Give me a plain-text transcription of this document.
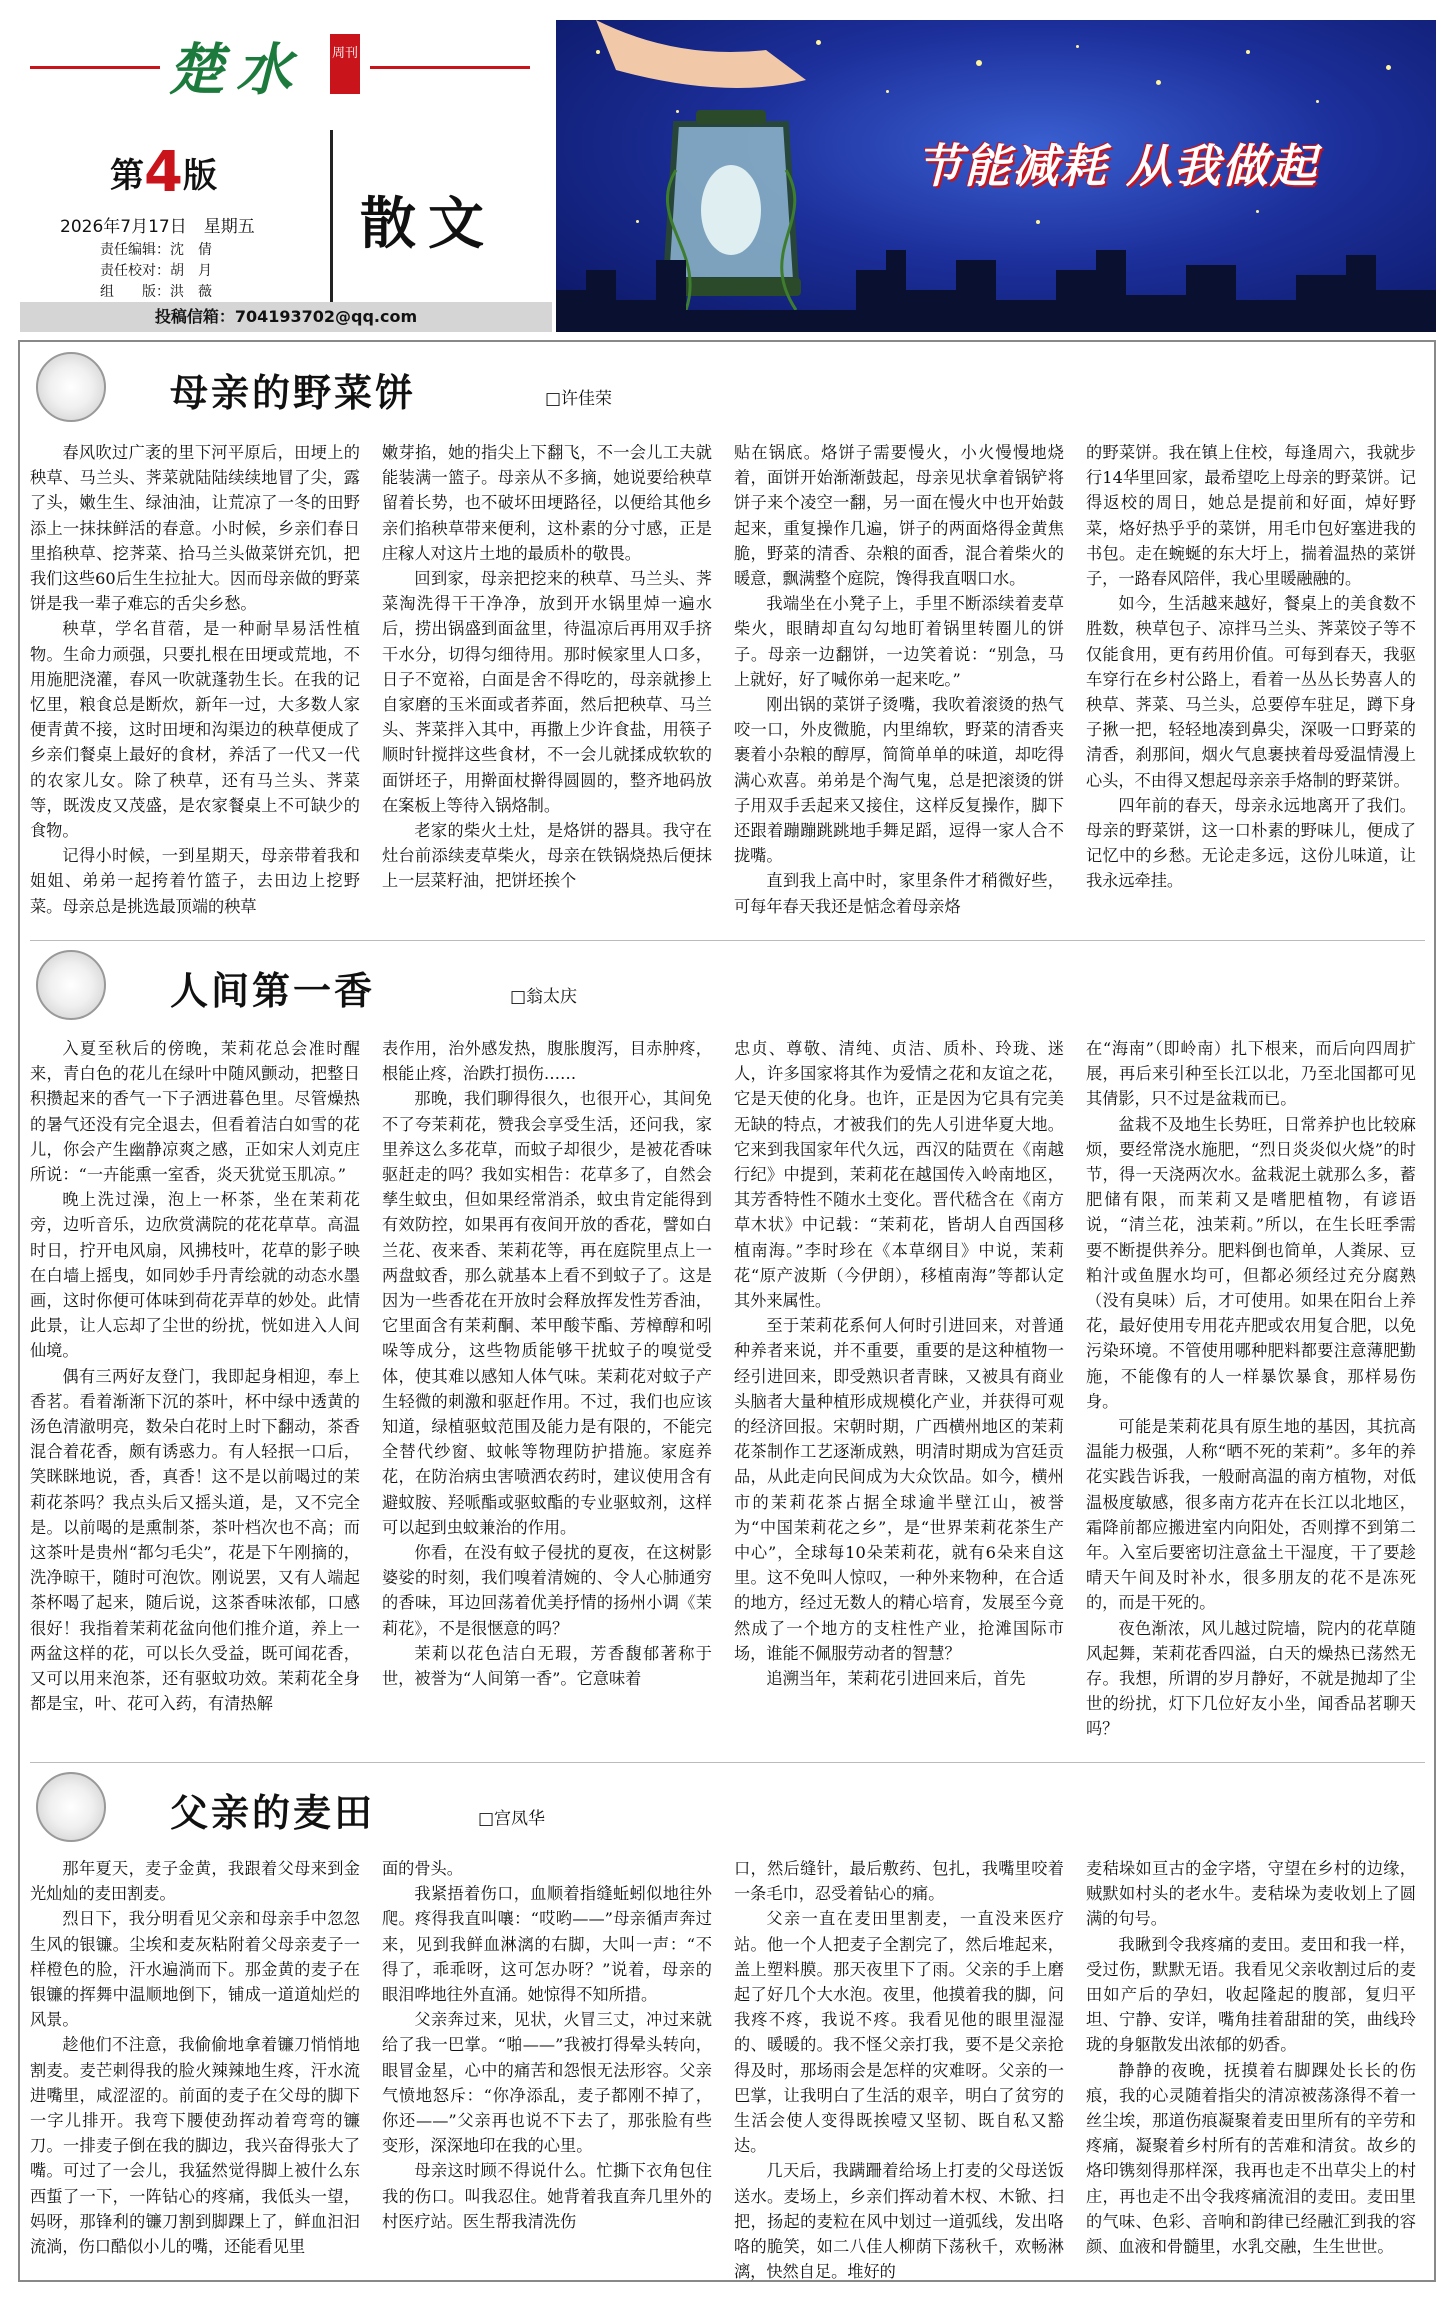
楚水 周刊
第4版
2026年7月17日　星期五
责任编辑：沈　倩
责任校对：胡　月
组　　版：洪　薇
散文
投稿信箱：704193702@qq.com
节能减耗 从我做起
母亲的野菜饼	□许佳荣

春风吹过广袤的里下河平原后，田埂上的秧草、马兰头、荠菜就陆陆续续地冒了尖，露了头，嫩生生、绿油油，让荒凉了一冬的田野添上一抹抹鲜活的春意。小时候，乡亲们春日里掐秧草、挖荠菜、拾马兰头做菜饼充饥，把我们这些60后生生拉扯大。因而母亲做的野菜饼是我一辈子难忘的舌尖乡愁。

秧草，学名苜蓿，是一种耐旱易活性植物。生命力顽强，只要扎根在田埂或荒地，不用施肥浇灌，春风一吹就蓬勃生长。在我的记忆里，粮食总是断炊，新年一过，大多数人家便青黄不接，这时田埂和沟渠边的秧草便成了乡亲们餐桌上最好的食材，养活了一代又一代的农家儿女。除了秧草，还有马兰头、荠菜等，既泼皮又茂盛，是农家餐桌上不可缺少的食物。

记得小时候，一到星期天，母亲带着我和姐姐、弟弟一起挎着竹篮子，去田边上挖野菜。母亲总是挑选最顶端的秧草

嫩芽掐，她的指尖上下翻飞，不一会儿工夫就能装满一篮子。母亲从不多摘，她说要给秧草留着长势，也不破坏田埂路径，以便给其他乡亲们掐秧草带来便利，这朴素的分寸感，正是庄稼人对这片土地的最质朴的敬畏。

回到家，母亲把挖来的秧草、马兰头、荠菜淘洗得干干净净，放到开水锅里焯一遍水后，捞出锅盛到面盆里，待温凉后再用双手挤干水分，切得匀细待用。那时候家里人口多，日子不宽裕，白面是舍不得吃的，母亲就掺上自家磨的玉米面或者荞面，然后把秧草、马兰头、荠菜拌入其中，再撒上少许食盐，用筷子顺时针搅拌这些食材，不一会儿就揉成软软的面饼坯子，用擀面杖擀得圆圆的，整齐地码放在案板上等待入锅烙制。

老家的柴火土灶，是烙饼的器具。我守在灶台前添续麦草柴火，母亲在铁锅烧热后便抹上一层菜籽油，把饼坯挨个

贴在锅底。烙饼子需要慢火，小火慢慢地烧着，面饼开始渐渐鼓起，母亲见状拿着锅铲将饼子来个凌空一翻，另一面在慢火中也开始鼓起来，重复操作几遍，饼子的两面烙得金黄焦脆，野菜的清香、杂粮的面香，混合着柴火的暖意，飘满整个庭院，馋得我直咽口水。

我端坐在小凳子上，手里不断添续着麦草柴火，眼睛却直勾勾地盯着锅里转圈儿的饼子。母亲一边翻饼，一边笑着说：“别急，马上就好，好了喊你弟一起来吃。”

刚出锅的菜饼子烫嘴，我吹着滚烫的热气咬一口，外皮微脆，内里绵软，野菜的清香夹裹着小杂粮的醇厚，简简单单的味道，却吃得满心欢喜。弟弟是个淘气鬼，总是把滚烫的饼子用双手丢起来又接住，这样反复操作，脚下还跟着蹦蹦跳跳地手舞足蹈，逗得一家人合不拢嘴。

直到我上高中时，家里条件才稍微好些，可每年春天我还是惦念着母亲烙

的野菜饼。我在镇上住校，每逢周六，我就步行14华里回家，最希望吃上母亲的野菜饼。记得返校的周日，她总是提前和好面，焯好野菜，烙好热乎乎的菜饼，用毛巾包好塞进我的书包。走在蜿蜒的东大圩上，揣着温热的菜饼子，一路春风陪伴，我心里暖融融的。

如今，生活越来越好，餐桌上的美食数不胜数，秧草包子、凉拌马兰头、荠菜饺子等不仅能食用，更有药用价值。可每到春天，我驱车穿行在乡村公路上，看着一丛丛长势喜人的秧草、荠菜、马兰头，总要停车驻足，蹲下身子揪一把，轻轻地凑到鼻尖，深吸一口野菜的清香，刹那间，烟火气息裹挟着母爱温情漫上心头，不由得又想起母亲亲手烙制的野菜饼。

四年前的春天，母亲永远地离开了我们。母亲的野菜饼，这一口朴素的野味儿，便成了记忆中的乡愁。无论走多远，这份儿味道，让我永远牵挂。

人间第一香	□翁太庆

入夏至秋后的傍晚，茉莉花总会准时醒来，青白色的花儿在绿叶中随风颤动，把整日积攒起来的香气一下子洒进暮色里。尽管燥热的暑气还没有完全退去，但看着洁白如雪的花儿，你会产生幽静凉爽之感，正如宋人刘克庄所说：“一卉能熏一室香，炎天犹觉玉肌凉。”

晚上洗过澡，泡上一杯茶，坐在茉莉花旁，边听音乐，边欣赏满院的花花草草。高温时日，拧开电风扇，风拂枝叶，花草的影子映在白墙上摇曳，如同妙手丹青绘就的动态水墨画，这时你便可体味到荷花弄草的妙处。此情此景，让人忘却了尘世的纷扰，恍如进入人间仙境。

偶有三两好友登门，我即起身相迎，奉上香茗。看着渐渐下沉的茶叶，杯中绿中透黄的汤色清澈明亮，数朵白花时上时下翻动，茶香混合着花香，颇有诱惑力。有人轻抿一口后，笑眯眯地说，香，真香！这不是以前喝过的茉莉花茶吗？我点头后又摇头道，是，又不完全是。以前喝的是熏制茶，茶叶档次也不高；而这茶叶是贵州“都匀毛尖”，花是下午刚摘的，洗净晾干，随时可泡饮。刚说罢，又有人端起茶杯喝了起来，随后说，这茶香味浓郁，口感很好！我指着茉莉花盆向他们推介道，养上一两盆这样的花，可以长久受益，既可闻花香，又可以用来泡茶，还有驱蚊功效。茉莉花全身都是宝，叶、花可入药，有清热解

表作用，治外感发热，腹胀腹泻，目赤肿疼，根能止疼，治跌打损伤……

那晚，我们聊得很久，也很开心，其间免不了夸茉莉花，赞我会享受生活，还问我，家里养这么多花草，而蚊子却很少，是被花香味驱赶走的吗？我如实相告：花草多了，自然会孳生蚊虫，但如果经常消杀，蚊虫肯定能得到有效防控，如果再有夜间开放的香花，譬如白兰花、夜来香、茉莉花等，再在庭院里点上一两盘蚊香，那么就基本上看不到蚊子了。这是因为一些香花在开放时会释放挥发性芳香油，它里面含有茉莉酮、苯甲酸苄酯、芳樟醇和吲哚等成分，这些物质能够干扰蚊子的嗅觉受体，使其难以感知人体气味。茉莉花对蚊子产生轻微的刺激和驱赶作用。不过，我们也应该知道，绿植驱蚊范围及能力是有限的，不能完全替代纱窗、蚊帐等物理防护措施。家庭养花，在防治病虫害喷洒农药时，建议使用含有避蚊胺、羟哌酯或驱蚊酯的专业驱蚊剂，这样可以起到虫蚊兼治的作用。

你看，在没有蚊子侵扰的夏夜，在这树影婆娑的时刻，我们嗅着清婉的、令人心肺通穷的香味，耳边回荡着优美抒情的扬州小调《茉莉花》，不是很惬意的吗？

茉莉以花色洁白无瑕，芳香馥郁著称于世，被誉为“人间第一香”。它意味着

忠贞、尊敬、清纯、贞洁、质朴、玲珑、迷人，许多国家将其作为爱情之花和友谊之花，它是天使的化身。也许，正是因为它具有完美无缺的特点，才被我们的先人引进华夏大地。它来到我国家年代久远，西汉的陆贾在《南越行纪》中提到，茉莉花在越国传入岭南地区，其芳香特性不随水土变化。晋代嵇含在《南方草木状》中记载：“茉莉花，皆胡人自西国移植南海。”李时珍在《本草纲目》中说，茉莉花“原产波斯（今伊朗），移植南海”等都认定其外来属性。

至于茉莉花系何人何时引进回来，对普通种养者来说，并不重要，重要的是这种植物一经引进回来，即受熟识者青睐，又被具有商业头脑者大量种植形成规模化产业，并获得可观的经济回报。宋朝时期，广西横州地区的茉莉花茶制作工艺逐渐成熟，明清时期成为宫廷贡品，从此走向民间成为大众饮品。如今，横州市的茉莉花茶占据全球逾半壁江山，被誉为“中国茉莉花之乡”，是“世界茉莉花茶生产中心”，全球每10朵茉莉花，就有6朵来自这里。这不免叫人惊叹，一种外来物种，在合适的地方，经过无数人的精心培育，发展至今竟然成了一个地方的支柱性产业，抢滩国际市场，谁能不佩服劳动者的智慧？

追溯当年，茉莉花引进回来后，首先

在“海南”（即岭南）扎下根来，而后向四周扩展，再后来引种至长江以北，乃至北国都可见其倩影，只不过是盆栽而已。

盆栽不及地生长势旺，日常养护也比较麻烦，要经常浇水施肥，“烈日炎炎似火烧”的时节，得一天浇两次水。盆栽泥土就那么多，蓄肥储有限，而茉莉又是嗜肥植物，有谚语说，“清兰花，浊茉莉。”所以，在生长旺季需要不断提供养分。肥料倒也简单，人粪尿、豆粕汁或鱼腥水均可，但都必须经过充分腐熟（没有臭味）后，才可使用。如果在阳台上养花，最好使用专用花卉肥或农用复合肥，以免污染环境。不管使用哪种肥料都要注意薄肥勤施，不能像有的人一样暴饮暴食，那样易伤身。

可能是茉莉花具有原生地的基因，其抗高温能力极强，人称“晒不死的茉莉”。多年的养花实践告诉我，一般耐高温的南方植物，对低温极度敏感，很多南方花卉在长江以北地区，霜降前都应搬进室内向阳处，否则撑不到第二年。入室后要密切注意盆土干湿度，干了要趁晴天午间及时补水，很多朋友的花不是冻死的，而是干死的。

夜色渐浓，风儿越过院墙，院内的花草随风起舞，茉莉花香四溢，白天的燥热已荡然无存。我想，所谓的岁月静好，不就是抛却了尘世的纷扰，灯下几位好友小坐，闻香品茗聊天吗？

父亲的麦田	□宫凤华

那年夏天，麦子金黄，我跟着父母来到金光灿灿的麦田割麦。

烈日下，我分明看见父亲和母亲手中忽忽生风的银镰。尘埃和麦灰粘附着父母亲麦子一样橙色的脸，汗水遍淌而下。那金黄的麦子在银镰的挥舞中温顺地倒下，铺成一道道灿烂的风景。

趁他们不注意，我偷偷地拿着镰刀悄悄地割麦。麦芒刺得我的脸火辣辣地生疼，汗水流进嘴里，咸涩涩的。前面的麦子在父母的脚下一字儿排开。我弯下腰使劲挥动着弯弯的镰刀。一排麦子倒在我的脚边，我兴奋得张大了嘴。可过了一会儿，我猛然觉得脚上被什么东西蜇了一下，一阵钻心的疼痛，我低头一望，妈呀，那锋利的镰刀割到脚踝上了，鲜血汩汩流淌，伤口酷似小儿的嘴，还能看见里

面的骨头。

我紧捂着伤口，血顺着指缝蚯蚓似地往外爬。疼得我直叫嚷：“哎哟——”母亲循声奔过来，见到我鲜血淋漓的右脚，大叫一声：“不得了，乖乖呀，这可怎办呀？”说着，母亲的眼泪哗地往外直涌。她惊得不知所措。

父亲奔过来，见状，火冒三丈，冲过来就给了我一巴掌。“啪——”我被打得晕头转向，眼冒金星，心中的痛苦和怨恨无法形容。父亲气愤地怒斥：“你净添乱，麦子都刚不掉了，你还——”父亲再也说不下去了，那张脸有些变形，深深地印在我的心里。

母亲这时顾不得说什么。忙撕下衣角包住我的伤口。叫我忍住。她背着我直奔几里外的村医疗站。医生帮我清洗伤

口，然后缝针，最后敷药、包扎，我嘴里咬着一条毛巾，忍受着钻心的痛。

父亲一直在麦田里割麦，一直没来医疗站。他一个人把麦子全割完了，然后堆起来，盖上塑料膜。那天夜里下了雨。父亲的手上磨起了好几个大水泡。夜里，他摸着我的脚，问我疼不疼，我说不疼。我看见他的眼里湿湿的、暖暖的。我不怪父亲打我，要不是父亲抢得及时，那场雨会是怎样的灾难呀。父亲的一巴掌，让我明白了生活的艰辛，明白了贫穷的生活会使人变得既挨噎又坚韧、既自私又豁达。

几天后，我蹒跚着给场上打麦的父母送饭送水。麦场上，乡亲们挥动着木杈、木锨、扫把，扬起的麦粒在风中划过一道弧线，发出咯咯的脆笑，如二八佳人柳荫下荡秋千，欢畅淋漓，快然自足。堆好的

麦秸垛如亘古的金字塔，守望在乡村的边缘，贼默如村头的老水牛。麦秸垛为麦收划上了圆满的句号。

我瞅到令我疼痛的麦田。麦田和我一样，受过伤，默默无语。我看见父亲收割过后的麦田如产后的孕妇，收起隆起的腹部，复归平坦、宁静、安详，嘴角挂着甜甜的笑，曲线玲珑的身躯散发出浓郁的奶香。

静静的夜晚，抚摸着右脚踝处长长的伤痕，我的心灵随着指尖的清凉被荡涤得不着一丝尘埃，那道伤痕凝聚着麦田里所有的辛劳和疼痛，凝聚着乡村所有的苦难和清贫。故乡的烙印镌刻得那样深，我再也走不出草尖上的村庄，再也走不出令我疼痛流泪的麦田。麦田里的气味、色彩、音响和韵律已经融汇到我的容颜、血液和骨髓里，水乳交融，生生世世。
